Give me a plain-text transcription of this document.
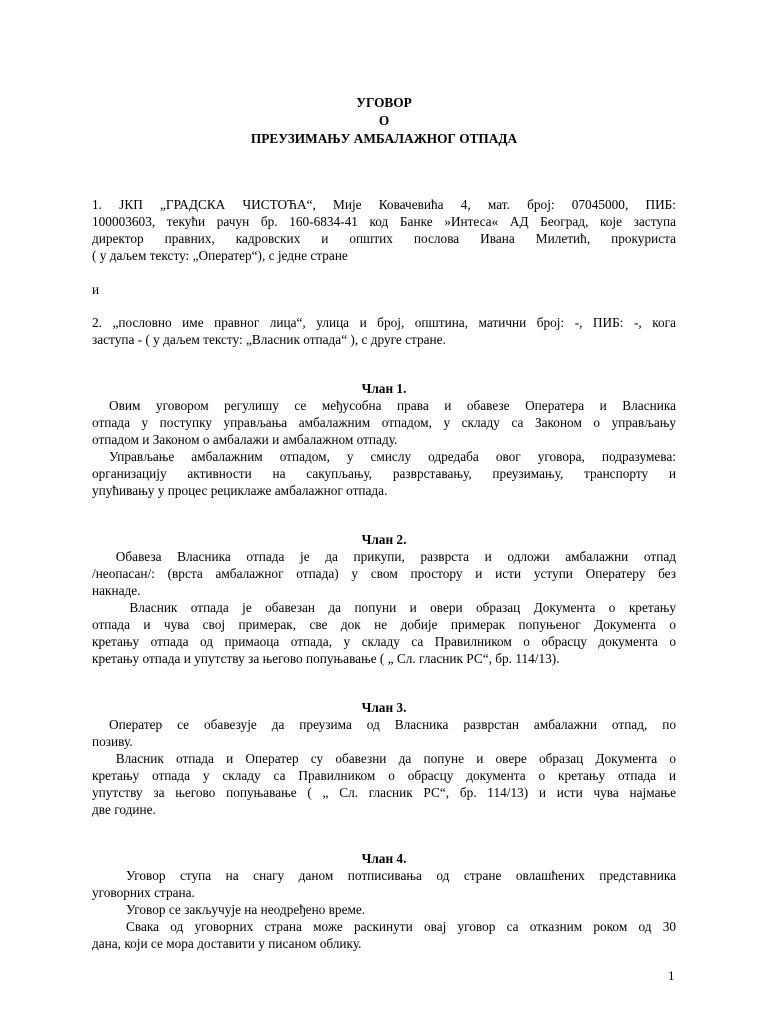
УГОВОР
О
ПРЕУЗИМАЊУ АМБАЛАЖНОГ ОТПАДА
1. ЈКП „ГРАДСКА ЧИСТОЋА“, Мије Ковачевића 4, мат. број: 07045000, ПИБ:
100003603, текући рачун бр. 160-6834-41 код Банке »Интеса« АД Београд, које заступа
директор правних, кадровских и општих послова Ивана Милетић, прокуриста
( у даљем тексту: „Оператер“), с једне стране
и
2. „пословно име правног лица“, улица и број, општина, матични број: -, ПИБ: -, кога
заступа - ( у даљем тексту: „Власник отпада“ ), с друге стране.
Члан 1.
Овим уговором регулишу се међусобна права и обавезе Оператера и Власника
отпада у поступку управљања амбалажним отпадом, у складу са Законом о управљању
отпадом и Законом о амбалажи и амбалажном отпаду.
Управљање амбалажним отпадом, у смислу одредаба овог уговора, подразумева:
организацију активности на сакупљању, разврставању, преузимању, транспорту и
упућивању у процес рециклаже амбалажног отпада.
Члан 2.
Обавеза Власника отпада је да прикупи, разврста и одложи амбалажни отпад
/неопасан/: (врста амбалажног отпада) у свом простору и исти уступи Оператеру без
накнаде.
Власник отпада је обавезан да попуни и овери образац Документа о кретању
отпада и чува свој примерак, све док не добије примерак попуњеног Документа о
кретању отпада од примаоца отпада, у складу са Правилником о обрасцу документа о
кретању отпада и упутству за његово попуњавање ( „ Сл. гласник РС“, бр. 114/13).
Члан 3.
Оператер се обавезује да преузима од Власника разврстан амбалажни отпад, по
позиву.
Власник отпада и Оператер су обавезни да попуне и овере образац Документа о
кретању отпада у складу са Правилником о обрасцу документа о кретању отпада и
упутству за његово попуњавање ( „ Сл. гласник РС“, бр. 114/13) и исти чува најмање
две године.
Члан 4.
Уговор ступа на снагу даном потписивања од стране овлашћених представника
уговорних страна.
Уговор се закључује на неодређено време.
Свака од уговорних страна може раскинути овај уговор са отказним роком од 30
дана, који се мора доставити у писаном облику.
1
